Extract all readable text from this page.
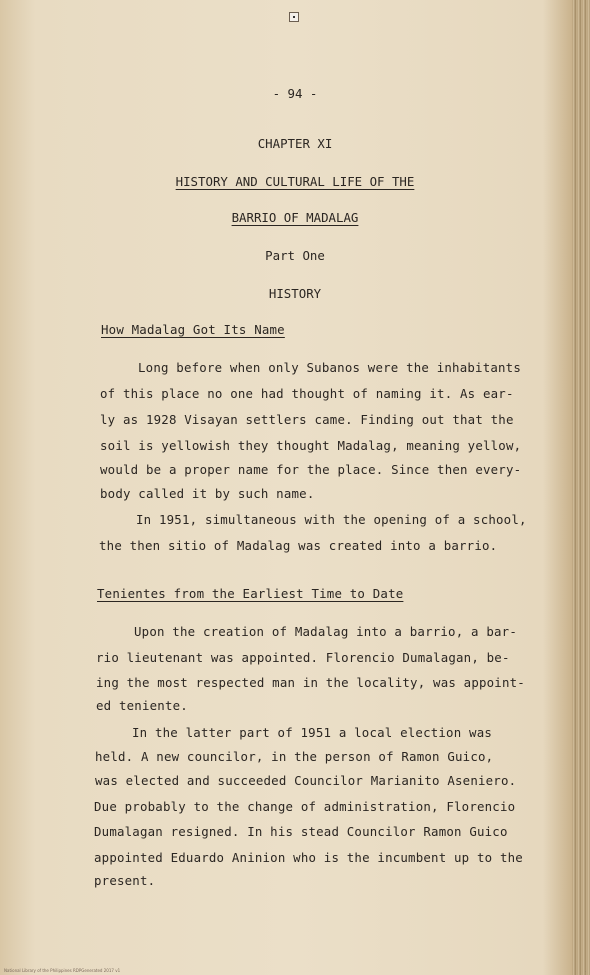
- 94 -
CHAPTER XI
HISTORY AND CULTURAL LIFE OF THE
BARRIO OF MADALAG
Part One
HISTORY
How Madalag Got Its Name
Long before when only Subanos were the inhabitants
of this place no one had thought of naming it. As ear-
ly as 1928 Visayan settlers came. Finding out that the
soil is yellowish they thought Madalag, meaning yellow,
would be a proper name for the place. Since then every-
body called it by such name.
In 1951, simultaneous with the opening of a school,
the then sitio of Madalag was created into a barrio.
Tenientes from the Earliest Time to Date
Upon the creation of Madalag into a barrio, a bar-
rio lieutenant was appointed. Florencio Dumalagan, be-
ing the most respected man in the locality, was appoint-
ed teniente.
In the latter part of 1951 a local election was
held. A new councilor, in the person of Ramon Guico,
was elected and succeeded Councilor Marianito Aseniero.
Due probably to the change of administration, Florencio
Dumalagan resigned. In his stead Councilor Ramon Guico
appointed Eduardo Aninion who is the incumbent up to the
present.
National Library of the Philippines RDPGenerated 2017 v1	.
